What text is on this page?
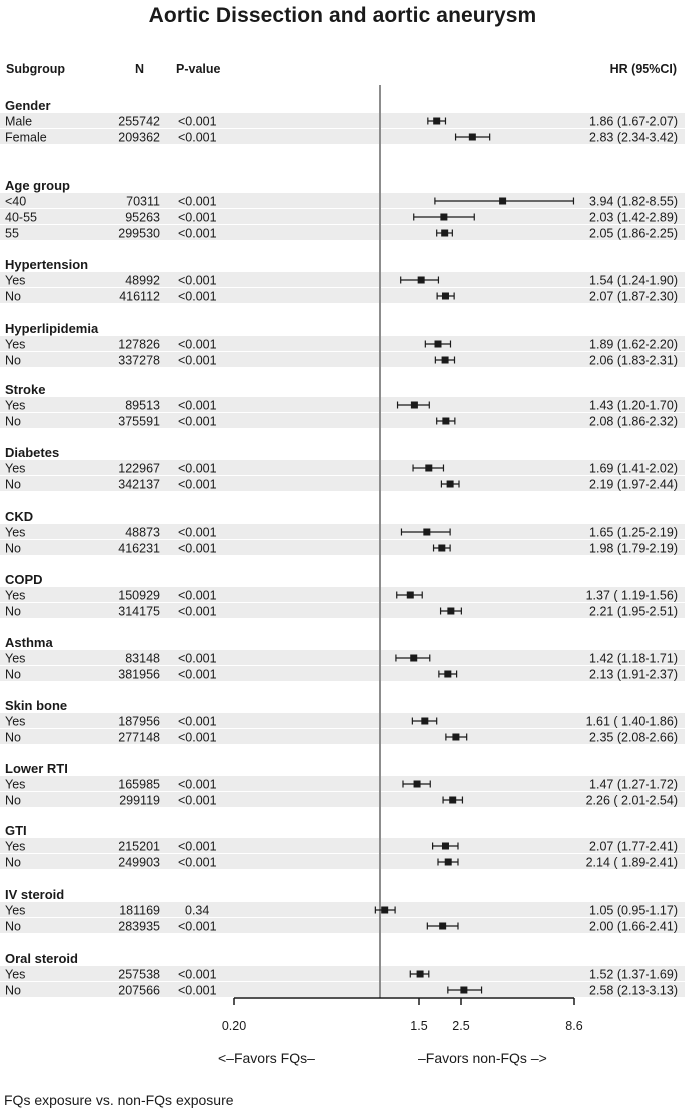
Aortic Dissection and aortic aneurysm
Subgroup	N	P-value	HR (95%CI)
Gender
Male	255742 <0.001	1.86 (1.67-2.07)
Female	209362 <0.001	2.83 (2.34-3.42)
Age group
<40	70311 <0.001	3.94 (1.82-8.55)
40-55	95263 <0.001	2.03 (1.42-2.89)
55	299530 <0.001	2.05 (1.86-2.25)
Hypertension
Yes	48992 <0.001	1.54 (1.24-1.90)
No	416112 <0.001	2.07 (1.87-2.30)
Hyperlipidemia
Yes	127826 <0.001	1.89 (1.62-2.20)
No	337278 <0.001	2.06 (1.83-2.31)
Stroke
Yes	89513 <0.001	1.43 (1.20-1.70)
No	375591 <0.001	2.08 (1.86-2.32)
Diabetes
Yes	122967 <0.001	1.69 (1.41-2.02)
No	342137 <0.001	2.19 (1.97-2.44)
CKD
Yes	48873 <0.001	1.65 (1.25-2.19)
No	416231 <0.001	1.98 (1.79-2.19)
COPD
Yes	150929 <0.001	1.37 ( 1.19-1.56)
No	314175 <0.001	2.21 (1.95-2.51)
Asthma
Yes	83148 <0.001	1.42 (1.18-1.71)
No	381956 <0.001	2.13 (1.91-2.37)
Skin bone
Yes	187956 <0.001	1.61 ( 1.40-1.86)
No	277148 <0.001	2.35 (2.08-2.66)
Lower RTI
Yes	165985 <0.001	1.47 (1.27-1.72)
No	299119 <0.001	2.26 ( 2.01-2.54)
GTI
Yes	215201 <0.001	2.07 (1.77-2.41)
No	249903 <0.001	2.14 ( 1.89-2.41)
IV steroid
Yes	181169 0.34	1.05 (0.95-1.17)
No	283935 <0.001	2.00 (1.66-2.41)
Oral steroid
Yes	257538 <0.001	1.52 (1.37-1.69)
No	207566 <0.001	2.58 (2.13-3.13)
0.20	1.5 2.5	8.6
<–Favors FQs–	–Favors non-FQs –>
FQs exposure vs. non-FQs exposure
